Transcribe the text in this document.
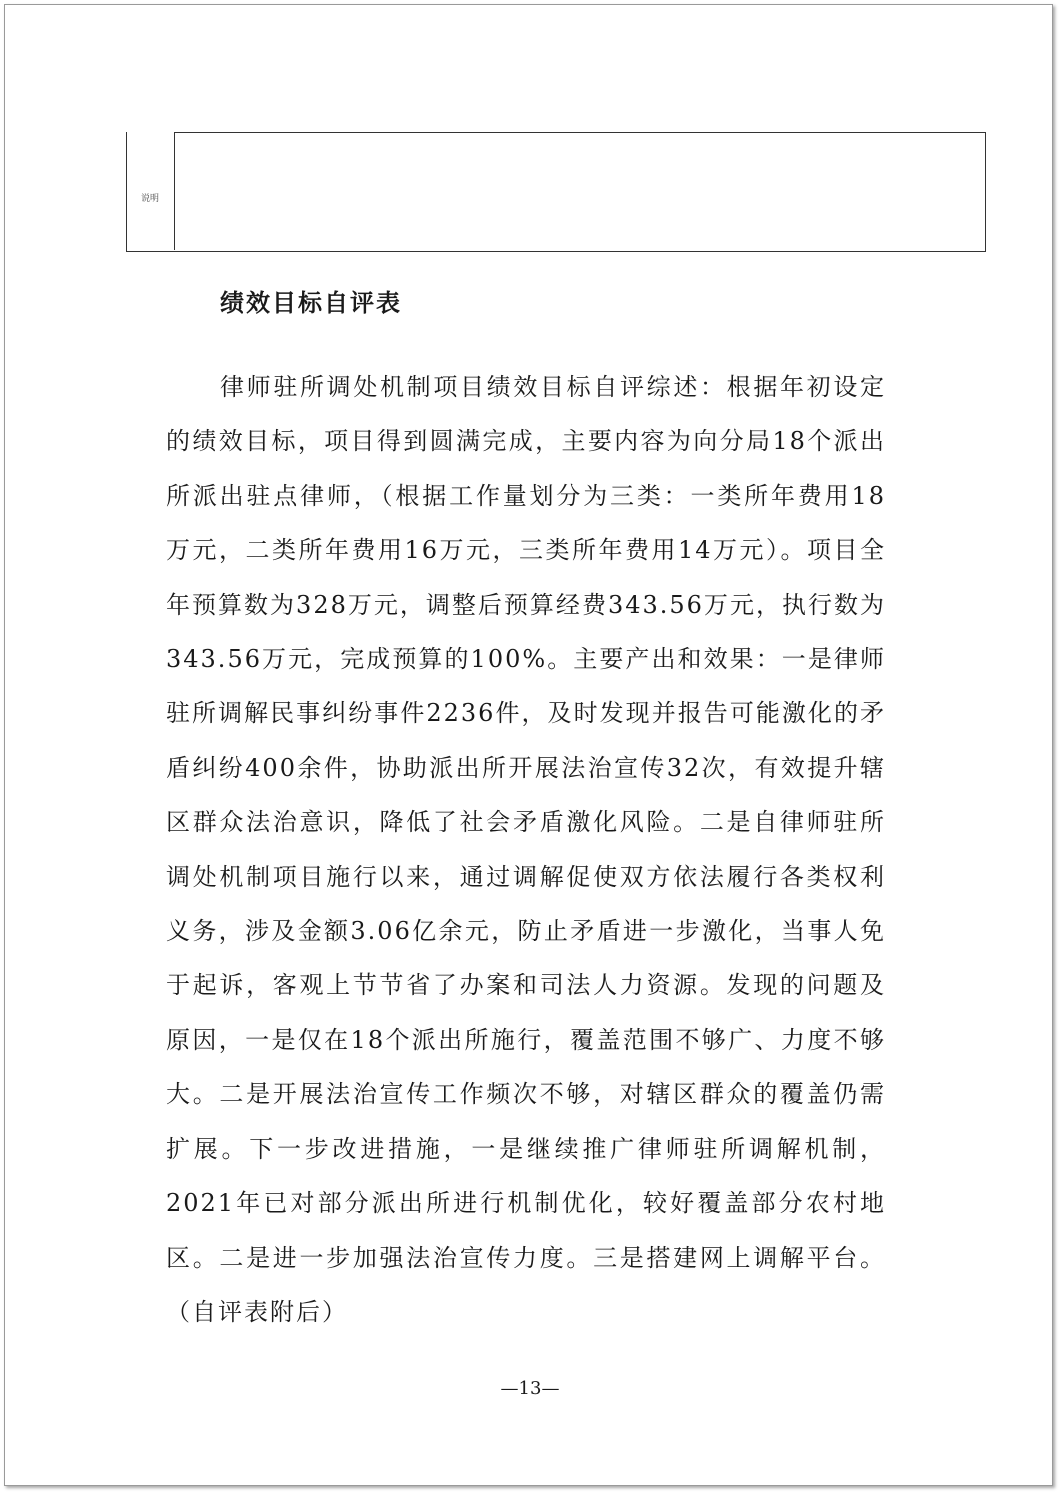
说明
绩效目标自评表

律师驻所调处机制项目绩效目标自评综述：根据年初设定的绩效目标，项目得到圆满完成，主要内容为向分局18个派出所派出驻点律师，（根据工作量划分为三类：一类所年费用18万元，二类所年费用16万元，三类所年费用14万元）。项目全年预算数为328万元，调整后预算经费343.56万元，执行数为343.56万元，完成预算的100%。主要产出和效果：一是律师驻所调解民事纠纷事件2236件，及时发现并报告可能激化的矛盾纠纷400余件，协助派出所开展法治宣传32次，有效提升辖区群众法治意识，降低了社会矛盾激化风险。二是自律师驻所调处机制项目施行以来，通过调解促使双方依法履行各类权利义务，涉及金额3.06亿余元，防止矛盾进一步激化，当事人免于起诉，客观上节节省了办案和司法人力资源。发现的问题及原因，一是仅在18个派出所施行，覆盖范围不够广、力度不够大。二是开展法治宣传工作频次不够，对辖区群众的覆盖仍需扩展。下一步改进措施，一是继续推广律师驻所调解机制，2021年已对部分派出所进行机制优化，较好覆盖部分农村地区。二是进一步加强法治宣传力度。三是搭建网上调解平台。（自评表附后）

—13—
